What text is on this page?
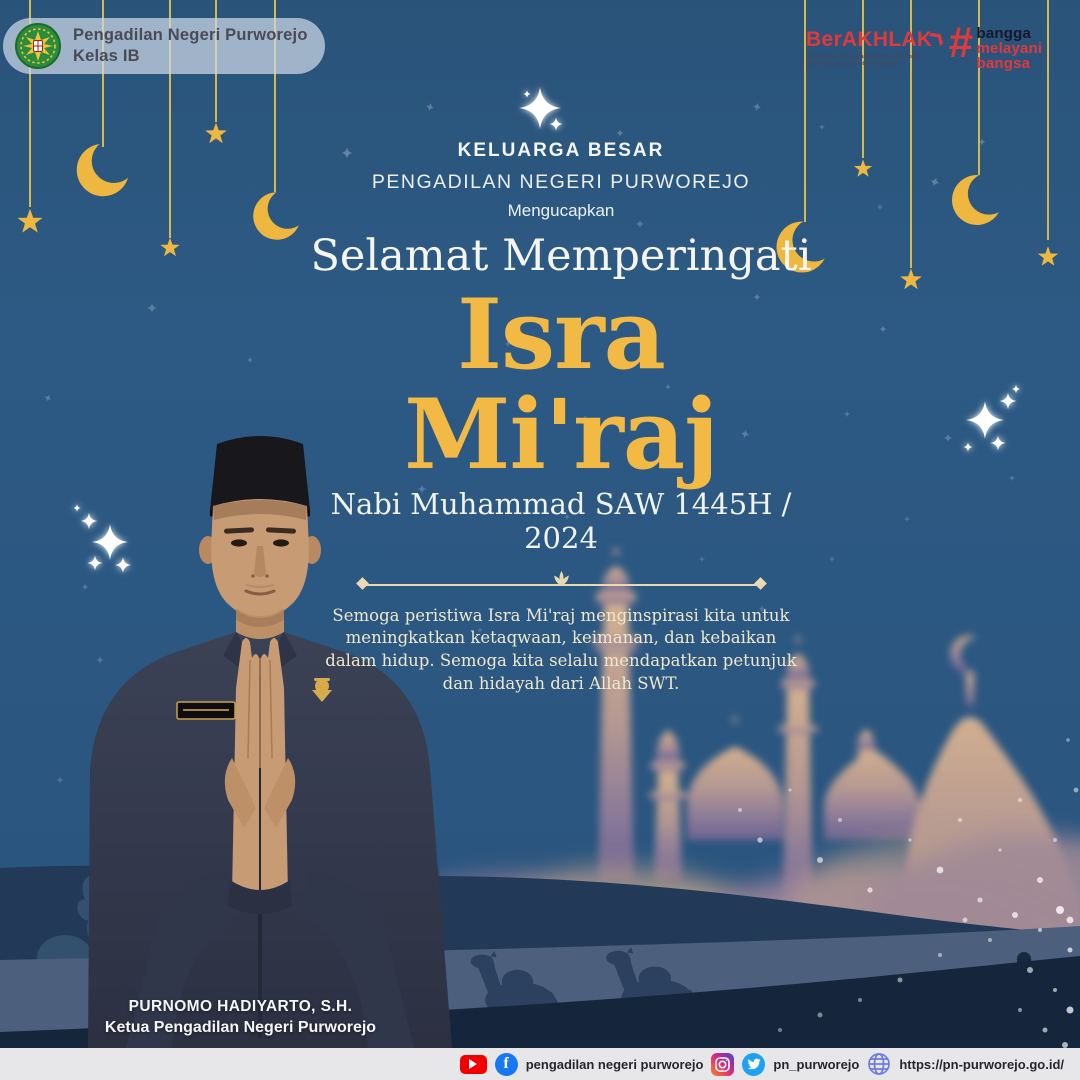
Pengadilan Negeri Purworejo
Kelas IB
BerAKHLAK❯
Berorientasi Pelayanan Akuntabel Kompeten
Harmonis Loyal Adaptif Kolaboratif	# bangga
melayani
bangsa
KELUARGA BESAR
PENGADILAN NEGERI PURWOREJO
Mengucapkan
Selamat Memperingati
Isra Mi'raj
Nabi Muhammad SAW 1445H / 2024
Semoga peristiwa Isra Mi'raj menginspirasi kita untuk meningkatkan ketaqwaan, keimanan, dan kebaikan dalam hidup. Semoga kita selalu mendapatkan petunjuk dan hidayah dari Allah SWT.
PURNOMO HADIYARTO, S.H.
Ketua Pengadilan Negeri Purworejo
f	pengadilan negeri purworejo	pn_purworejo	https://pn-purworejo.go.id/
